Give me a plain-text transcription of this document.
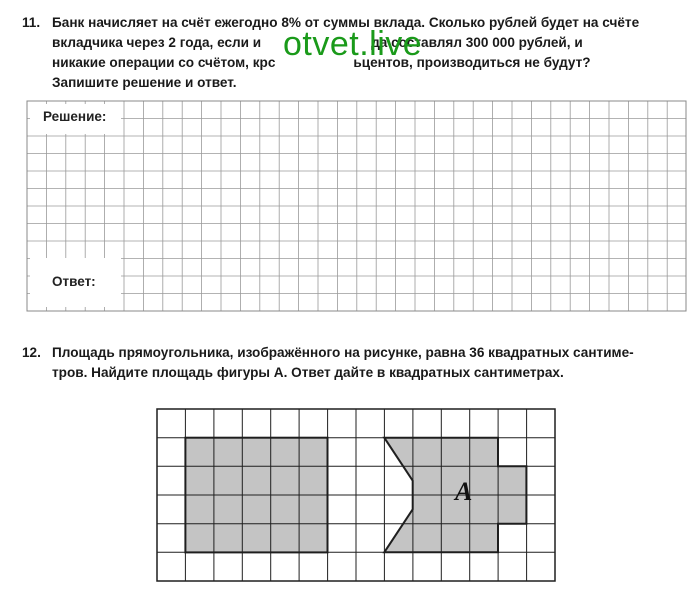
11. Банк начисляет на счёт ежегодно 8% от суммы вклада. Сколько рублей будет на счёте
вкладчика через 2 года, если и	да составлял 300 000 рублей, и
никакие операции со счётом, крс	ьцентов, производиться не будут?
Запишите решение и ответ.
otvet.live
Решение:
Ответ:
12. Площадь прямоугольника, изображённого на рисунке, равна 36 квадратных сантиме-
тров. Найдите площадь фигуры А. Ответ дайте в квадратных сантиметрах.
A
